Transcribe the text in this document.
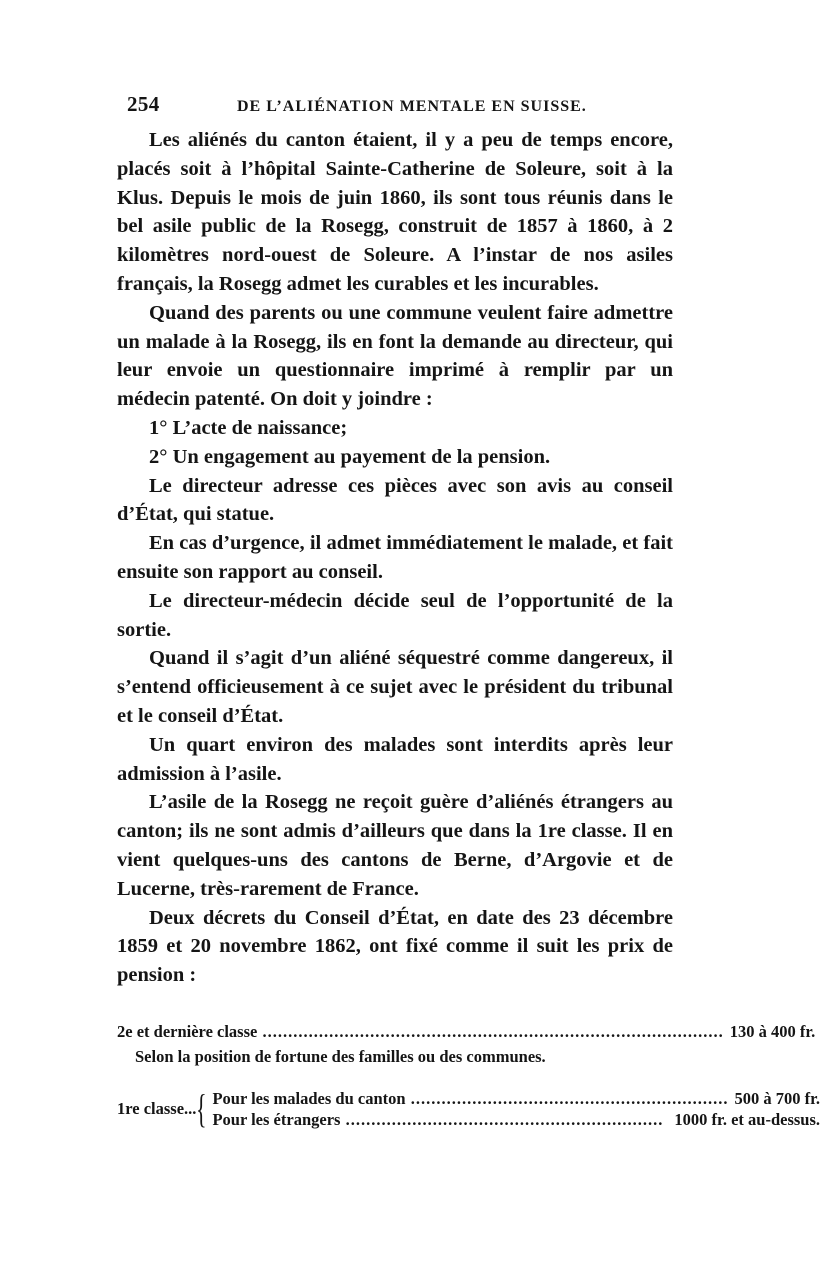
254	DE L’ALIÉNATION MENTALE EN SUISSE.

Les aliénés du canton étaient, il y a peu de temps encore, placés soit à l’hôpital Sainte-Catherine de Soleure, soit à la Klus. Depuis le mois de juin 1860, ils sont tous réunis dans le bel asile public de la Rosegg, construit de 1857 à 1860, à 2 kilomètres nord-ouest de Soleure. A l’instar de nos asiles français, la Rosegg admet les curables et les incurables.

Quand des parents ou une commune veulent faire admettre un malade à la Rosegg, ils en font la demande au directeur, qui leur envoie un questionnaire imprimé à remplir par un médecin patenté. On doit y joindre :

1° L’acte de naissance;

2° Un engagement au payement de la pension.

Le directeur adresse ces pièces avec son avis au conseil d’État, qui statue.

En cas d’urgence, il admet immédiatement le malade, et fait ensuite son rapport au conseil.

Le directeur-médecin décide seul de l’opportunité de la sortie.

Quand il s’agit d’un aliéné séquestré comme dangereux, il s’entend officieusement à ce sujet avec le président du tribunal et le conseil d’État.

Un quart environ des malades sont interdits après leur admission à l’asile.

L’asile de la Rosegg ne reçoit guère d’aliénés étrangers au canton; ils ne sont admis d’ailleurs que dans la 1re classe. Il en vient quelques-uns des cantons de Berne, d’Argovie et de Lucerne, très-rarement de France.

Deux décrets du Conseil d’État, en date des 23 décembre 1859 et 20 novembre 1862, ont fixé comme il suit les prix de pension :

2e et dernière classe .....	130 à 400 fr.
Selon la position de fortune des familles ou des communes.
1re classe... { Pour les malades du canton .....	500 à 700 fr.
Pour les étrangers .....	1000 fr. et au-dessus.
